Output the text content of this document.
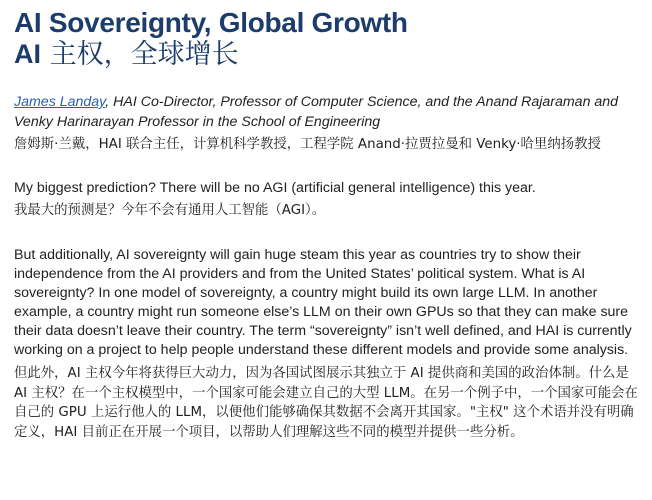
AI Sovereignty, Global Growth
AI 主权，全球增长
James Landay, HAI Co-Director, Professor of Computer Science, and the Anand Rajaraman and Venky Harinarayan Professor in the School of Engineering
詹姆斯·兰戴，HAI 联合主任，计算机科学教授，工程学院 Anand·拉贾拉曼和 Venky·哈里纳扬教授
My biggest prediction? There will be no AGI (artificial general intelligence) this year.
我最大的预测是？今年不会有通用人工智能（AGI）。
But additionally, AI sovereignty will gain huge steam this year as countries try to show their independence from the AI providers and from the United States’ political system. What is AI sovereignty? In one model of sovereignty, a country might build its own large LLM. In another example, a country might run someone else’s LLM on their own GPUs so that they can make sure their data doesn’t leave their country. The term “sovereignty” isn’t well defined, and HAI is currently working on a project to help people understand these different models and provide some analysis.
但此外，AI 主权今年将获得巨大动力，因为各国试图展示其独立于 AI 提供商和美国的政治体制。什么是 AI 主权？在一个主权模型中，一个国家可能会建立自己的大型 LLM。在另一个例子中，一个国家可能会在自己的 GPU 上运行他人的 LLM，以便他们能够确保其数据不会离开其国家。"主权" 这个术语并没有明确定义，HAI 目前正在开展一个项目，以帮助人们理解这些不同的模型并提供一些分析。
